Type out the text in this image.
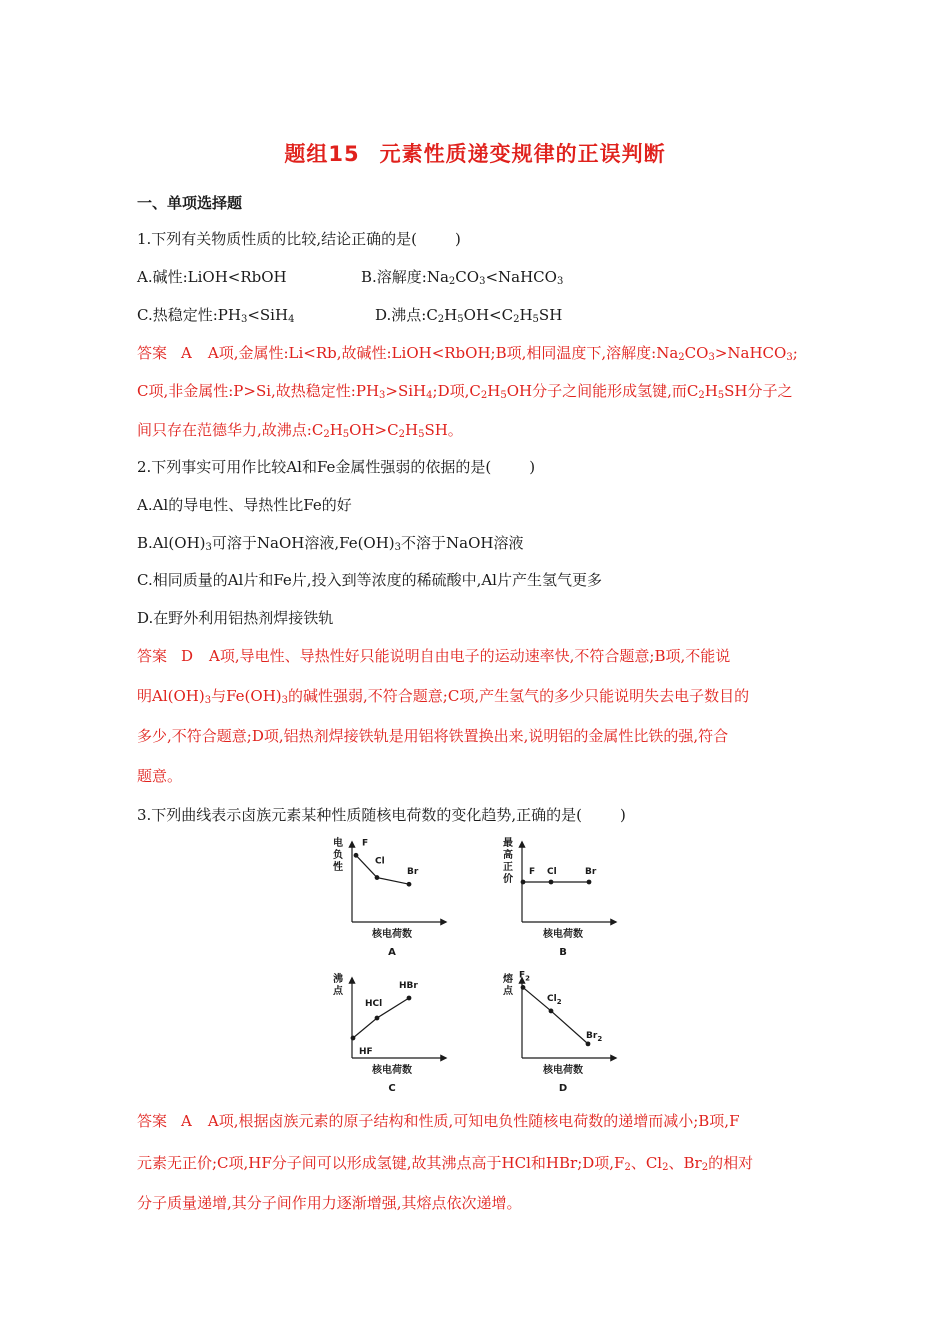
题组15 元素性质递变规律的正误判断
一、单项选择题
1.下列有关物质性质的比较,结论正确的是(	)
A.碱性:LiOH<RbOH	B.溶解度$:Na_2CO_3<NaHCO_3$
C.热稳定性$:PH_3<SiH_4$	D.沸点$:C_2H_5OH<C_2H_5SH$
答案 A A项,金属性:Li<Rb,故碱性:LiOH<RbOH;B项,相同温度下,溶解度$:Na_2CO_3>NaHCO_3$;
C项,非金属性:P>Si,故热稳定性$:PH_3>SiH_4;D$项$,C_2H_5OH$分子之间能形成氢键,而$C_2H_5SH$分子之
间只存在范德华力,故沸点$:C_2H_5OH>C_2H_5SH$。
2.下列事实可用作比较Al和Fe金属性强弱的依据的是(	)
A.Al的导电性、导热性比Fe的好
$B.Al(OH)_3$可溶于NaOH溶液$,Fe(OH)_3$不溶于NaOH溶液
C.相同质量的Al片和Fe片,投入到等浓度的稀硫酸中,Al片产生氢气更多
D.在野外利用铝热剂焊接铁轨
答案 D A项,导电性、导热性好只能说明自由电子的运动速率快,不符合题意;B项,不能说
明$Al(OH)_3$与$Fe(OH)_3$的碱性强弱,不符合题意;C项,产生氢气的多少只能说明失去电子数目的
多少,不符合题意;D项,铝热剂焊接铁轨是用铝将铁置换出来,说明铝的金属性比铁的强,符合
题意。
3.下列曲线表示卤族元素某种性质随核电荷数的变化趋势,正确的是(	)
电
负
性
核电荷数
A
F
Cl
Br
最
高
正
价
核电荷数
B
F Cl	Br
沸
点
核电荷数
C
HF
HCl
HBr
熔
点
核电荷数
D
$F_2$
$Cl_2$
$Br_2$
答案 A A项,根据卤族元素的原子结构和性质,可知电负性随核电荷数的递增而减小;B项,F
元素无正价;C项,HF分子间可以形成氢键,故其沸点高于HCl和HBr;D项$,F_2$、$Cl_2$、$Br_2$的相对
分子质量递增,其分子间作用力逐渐增强,其熔点依次递增。
